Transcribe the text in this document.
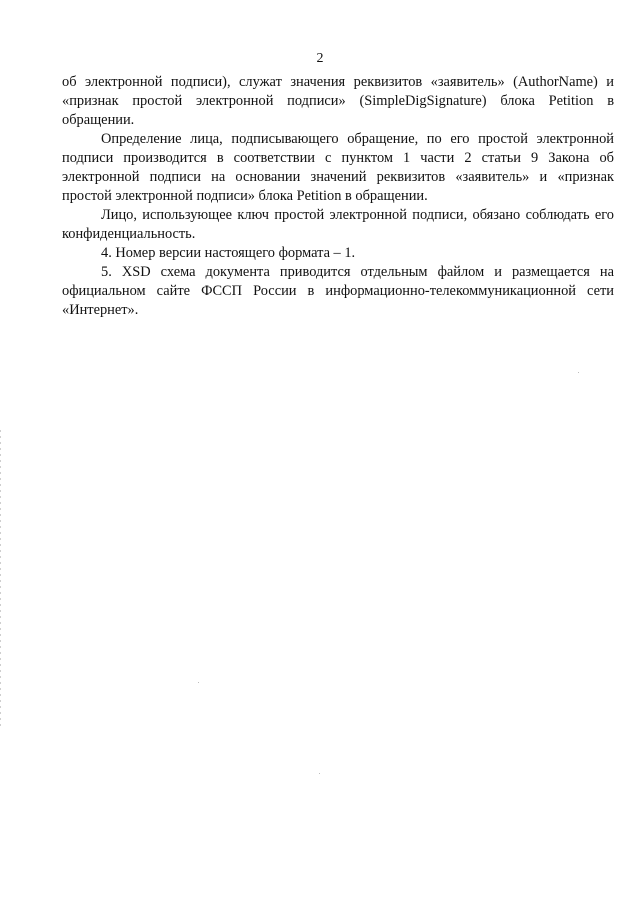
2

об электронной подписи), служат значения реквизитов «заявитель» (AuthorName) и «признак простой электронной подписи» (SimpleDigSignature) блока Petition в обращении.

Определение лица, подписывающего обращение, по его простой электронной подписи производится в соответствии с пунктом 1 части 2 статьи 9 Закона об электронной подписи на основании значений реквизитов «заявитель» и «признак простой электронной подписи» блока Petition в обращении.

Лицо, использующее ключ простой электронной подписи, обязано соблюдать его конфиденциальность.

4. Номер версии настоящего формата – 1.

5. XSD схема документа приводится отдельным файлом и размещается на официальном сайте ФССП России в информационно-телекоммуникационной сети «Интернет».
